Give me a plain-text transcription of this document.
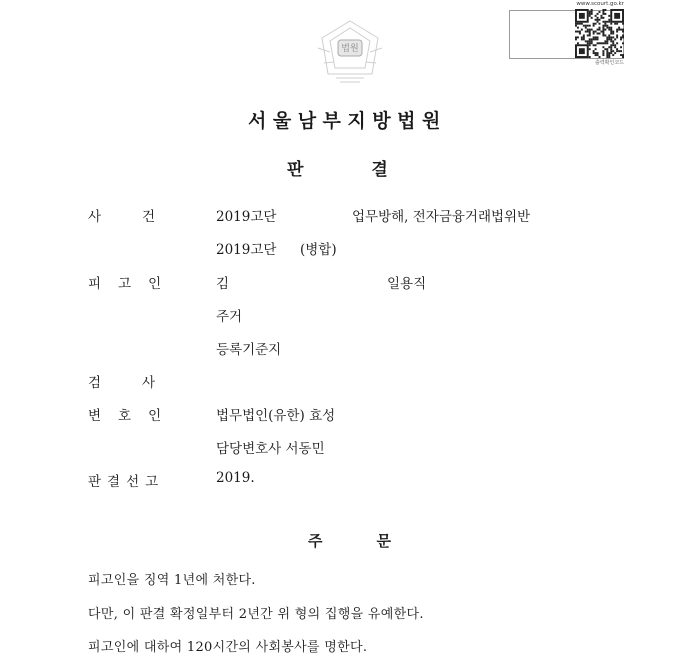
법원
www.scourt.go.kr
출력확인코드
서울남부지방법원
판결
사건 2019고단	업무방해, 전자금융거래법위반
2019고단 (병합)
피고인	김	일용직
주거
등록기준지
검사
변호인	법무법인(유한) 효성
담당변호사 서동민
판결선고	2019.
주문
피고인을 징역 1년에 처한다.
다만, 이 판결 확정일부터 2년간 위 형의 집행을 유예한다.
피고인에 대하여 120시간의 사회봉사를 명한다.
